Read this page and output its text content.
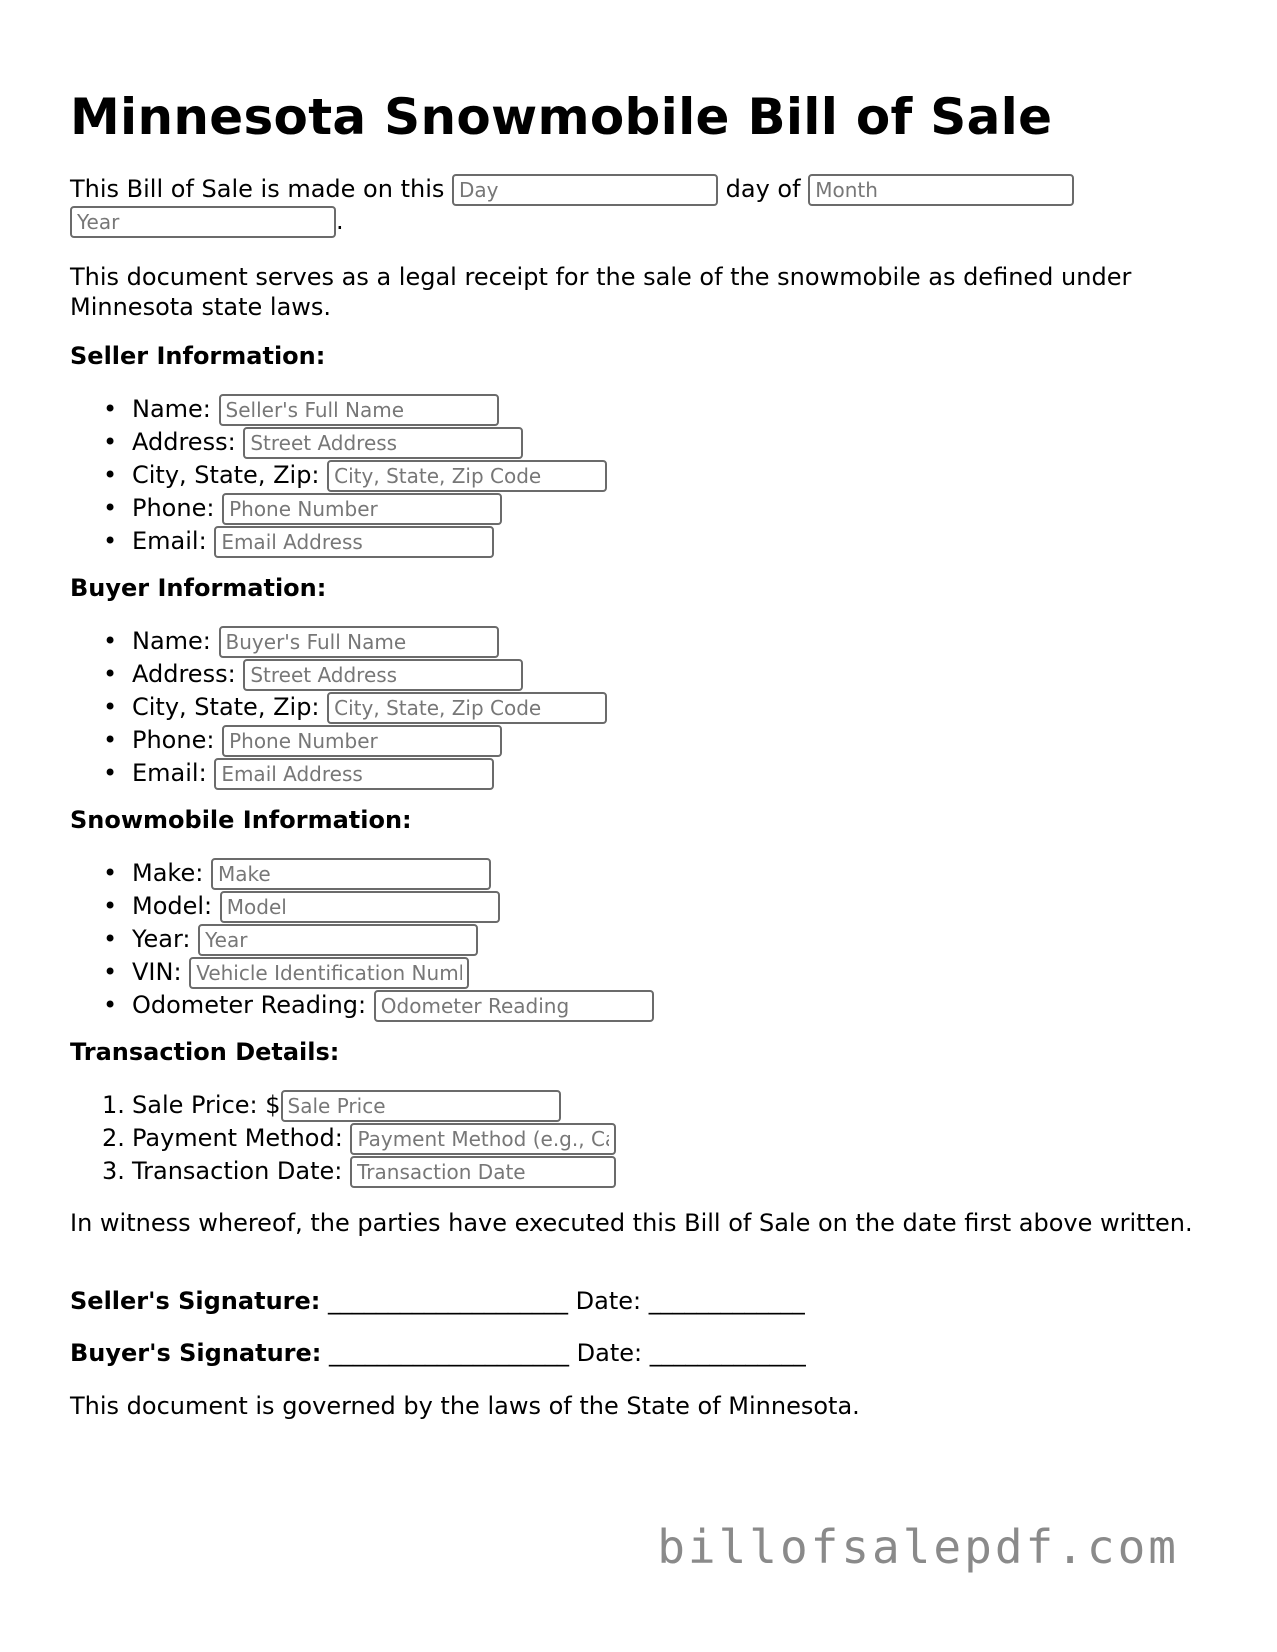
Minnesota Snowmobile Bill of Sale
This Bill of Sale is made on this Day	day of Month
Year.
This document serves as a legal receipt for the sale of the snowmobile as defined under Minnesota state laws.
Seller Information:
• Name: Seller's Full Name
• Address: Street Address
• City, State, Zip: City, State, Zip Code
• Phone: Phone Number
• Email: Email Address
Buyer Information:
• Name: Buyer's Full Name
• Address: Street Address
• City, State, Zip: City, State, Zip Code
• Phone: Phone Number
• Email: Email Address
Snowmobile Information:
• Make: Make
• Model: Model
• Year: Year
• VIN: Vehicle Identification Number
• Odometer Reading: Odometer Reading
Transaction Details:
1. Sale Price: $Sale Price
2. Payment Method: Payment Method (e.g., Cash, Check)
3. Transaction Date: Transaction Date
In witness whereof, the parties have executed this Bill of Sale on the date first above written.
Seller's Signature: ____________________ Date: _____________
Buyer's Signature: ____________________ Date: _____________
This document is governed by the laws of the State of Minnesota.
billofsalepdf.com
